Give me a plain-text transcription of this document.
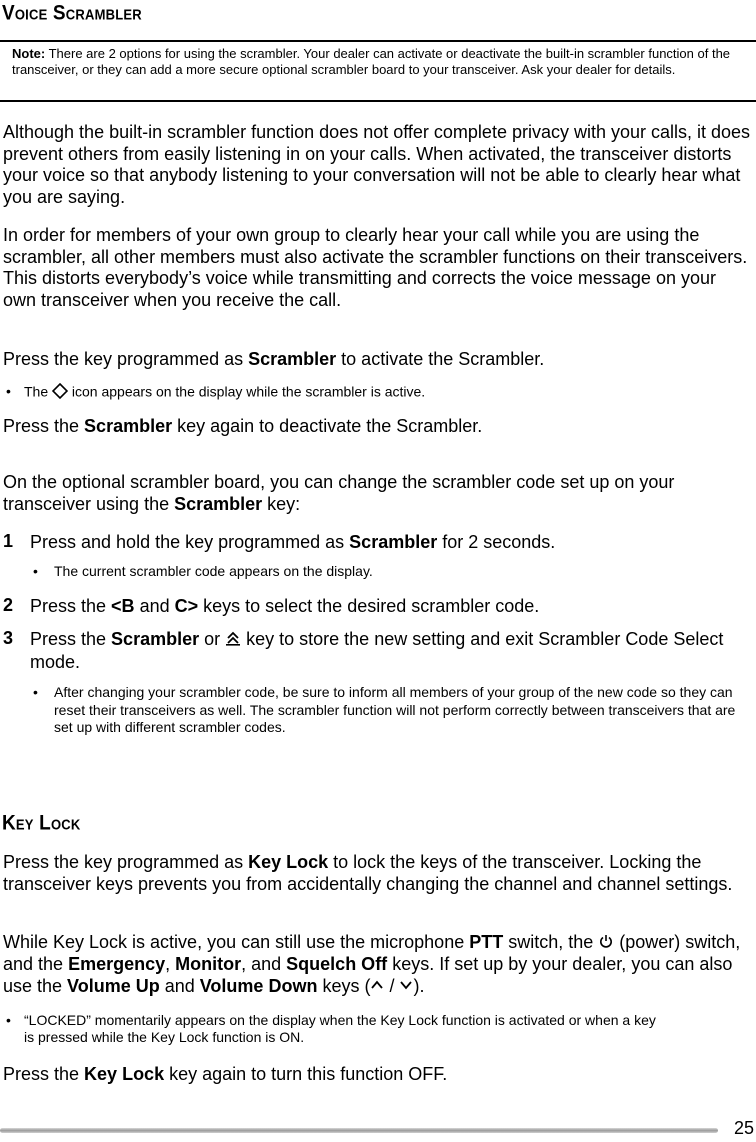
Voice Scrambler

Note: There are 2 options for using the scrambler. Your dealer can activate or deactivate the built-in scrambler function of the transceiver, or they can add a more secure optional scrambler board to your transceiver. Ask your dealer for details.

Although the built-in scrambler function does not offer complete privacy with your calls, it does prevent others from easily listening in on your calls. When activated, the transceiver distorts your voice so that anybody listening to your conversation will not be able to clearly hear what you are saying.

In order for members of your own group to clearly hear your call while you are using the scrambler, all other members must also activate the scrambler functions on their transceivers. This distorts everybody’s voice while transmitting and corrects the voice message on your own transceiver when you receive the call.

Press the key programmed as Scrambler to activate the Scrambler.

• The  icon appears on the display while the scrambler is active.

Press the Scrambler key again to deactivate the Scrambler.

On the optional scrambler board, you can change the scrambler code set up on your transceiver using the Scrambler key:

1 Press and hold the key programmed as Scrambler for 2 seconds.

• The current scrambler code appears on the display.

2 Press the <B and C> keys to select the desired scrambler code.

3 Press the Scrambler or  key to store the new setting and exit Scrambler Code Select mode.

• After changing your scrambler code, be sure to inform all members of your group of the new code so they can reset their transceivers as well. The scrambler function will not perform correctly between transceivers that are set up with different scrambler codes.

Key Lock

Press the key programmed as Key Lock to lock the keys of the transceiver. Locking the transceiver keys prevents you from accidentally changing the channel and channel settings.

While Key Lock is active, you can still use the microphone PTT switch, the  (power) switch, and the Emergency, Monitor, and Squelch Off keys. If set up by your dealer, you can also use the Volume Up and Volume Down keys ( / ).

• “LOCKED” momentarily appears on the display when the Key Lock function is activated or when a key is pressed while the Key Lock function is ON.

Press the Key Lock key again to turn this function OFF.

25
